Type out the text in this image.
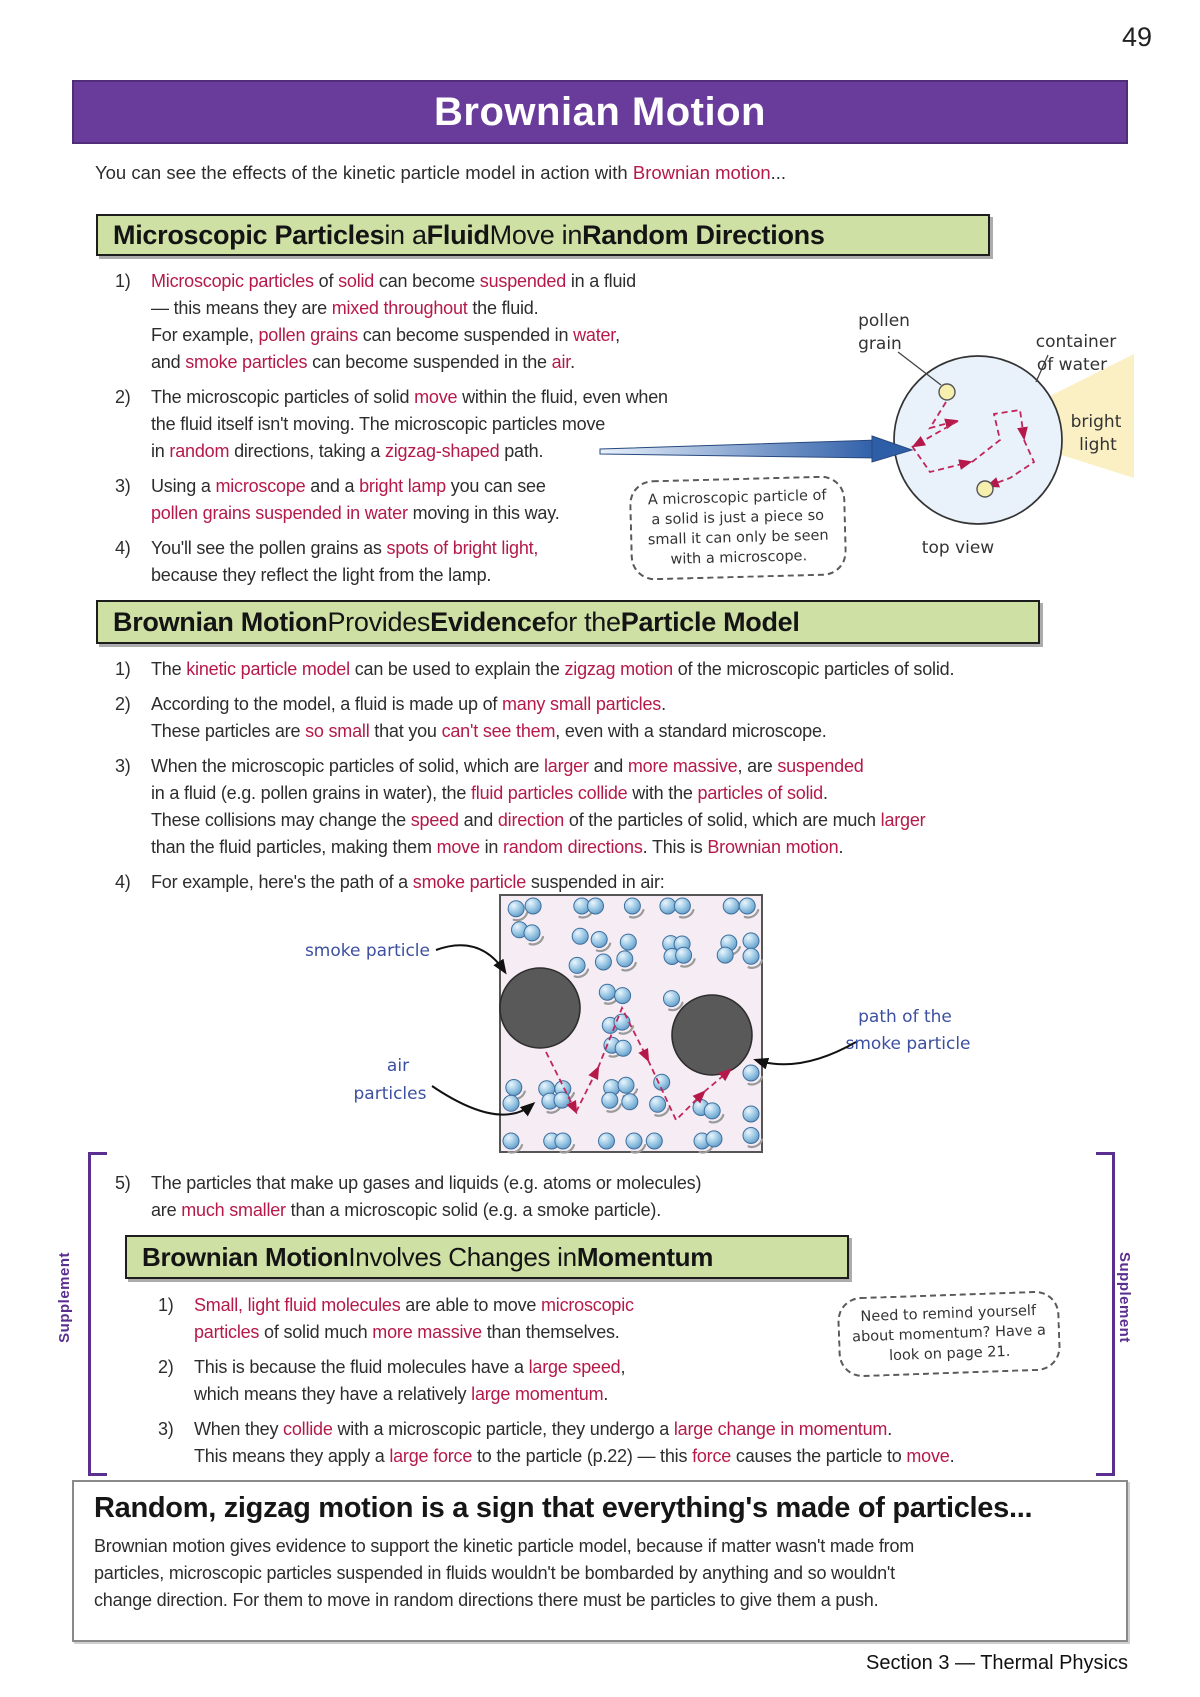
49
Brownian Motion
You can see the effects of the kinetic particle model in action with Brownian motion...
Microscopic Particles in a Fluid Move in Random Directions
1)	Microscopic particles of solid can become suspended in a fluid
— this means they are mixed throughout the fluid.
For example, pollen grains can become suspended in water,
and smoke particles can become suspended in the air.
2)	The microscopic particles of solid move within the fluid, even when
the fluid itself isn't moving. The microscopic particles move
in random directions, taking a zigzag-shaped path.
3)	Using a microscope and a bright lamp you can see
pollen grains suspended in water moving in this way.
4)	You'll see the pollen grains as spots of bright light,
because they reflect the light from the lamp.
pollen
grain	container
of water
bright
light
top view
A microscopic particle of a solid is just a piece so small it can only be seen with a microscope.
Brownian Motion Provides Evidence for the Particle Model
1)	The kinetic particle model can be used to explain the zigzag motion of the microscopic particles of solid.
2)	According to the model, a fluid is made up of many small particles.
These particles are so small that you can't see them, even with a standard microscope.
3)	When the microscopic particles of solid, which are larger and more massive, are suspended
in a fluid (e.g. pollen grains in water), the fluid particles collide with the particles of solid.
These collisions may change the speed and direction of the particles of solid, which are much larger
than the fluid particles, making them move in random directions. This is Brownian motion.
4)	For example, here's the path of a smoke particle suspended in air:
smoke particle
air
particles
path of the
smoke particle
5)	The particles that make up gases and liquids (e.g. atoms or molecules)
are much smaller than a microscopic solid (e.g. a smoke particle).
Supplement	Supplement
Brownian Motion Involves Changes in Momentum
1)	Small, light fluid molecules are able to move microscopic
particles of solid much more massive than themselves.
2)	This is because the fluid molecules have a large speed,
which means they have a relatively large momentum.
3)	When they collide with a microscopic particle, they undergo a large change in momentum.
This means they apply a large force to the particle (p.22) — this force causes the particle to move.
Need to remind yourself about momentum? Have a look on page 21.
Random, zigzag motion is a sign that everything's made of particles...
Brownian motion gives evidence to support the kinetic particle model, because if matter wasn't made from
particles, microscopic particles suspended in fluids wouldn't be bombarded by anything and so wouldn't
change direction. For them to move in random directions there must be particles to give them a push.
Section 3 — Thermal Physics
